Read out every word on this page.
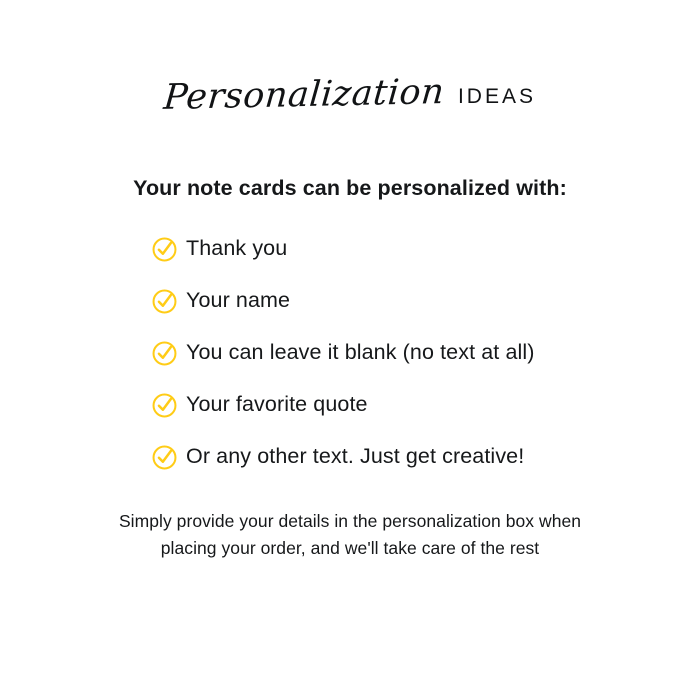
Personalization IDEAS
Your note cards can be personalized with:
Thank you
Your name
You can leave it blank (no text at all)
Your favorite quote
Or any other text. Just get creative!
Simply provide your details in the personalization box when
placing your order, and we'll take care of the rest
